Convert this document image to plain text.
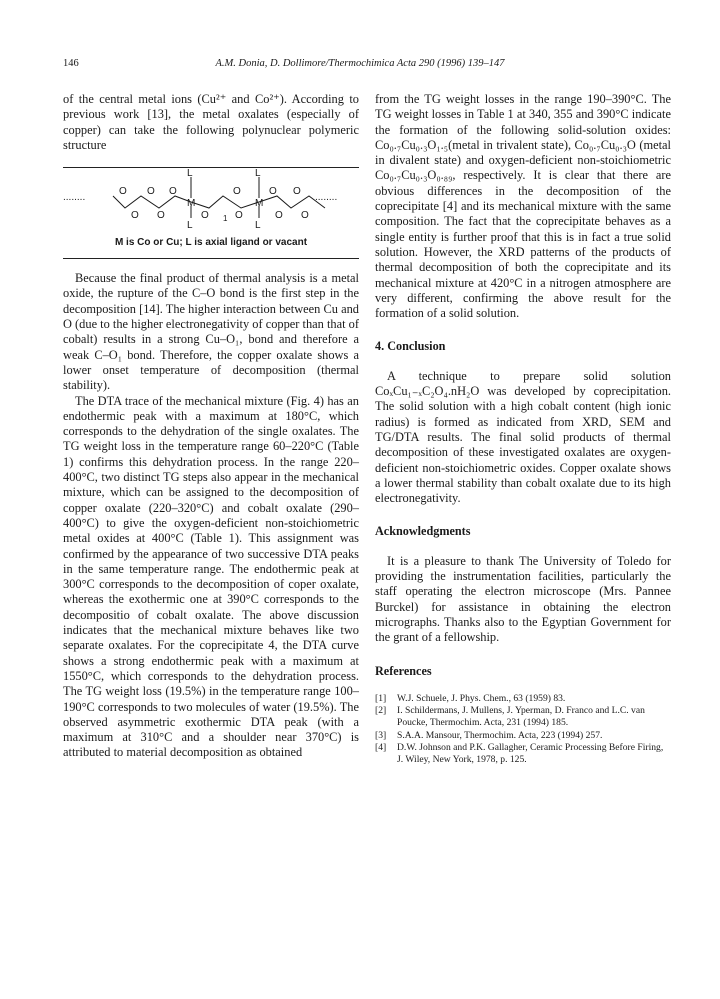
146	A.M. Donia, D. Dollimore/Thermochimica Acta 290 (1996) 139–147

of the central metal ions (Cu²⁺ and Co²⁺). According to previous work [13], the metal oxalates (especially of copper) can take the following polynuclear polymeric structure

L	L
L	L
M	M
1
........	........
O O O	O	O O
O O	O	O	O O
M is Co or Cu; L is axial ligand or vacant

Because the final product of thermal analysis is a metal oxide, the rupture of the C–O bond is the first step in the decomposition [14]. The higher interaction between Cu and O (due to the higher electronegativity of copper than that of cobalt) results in a strong Cu–O₁, bond and therefore a weak C–O₁ bond. Therefore, the copper oxalate shows a lower onset temperature of decomposition (thermal stability).

The DTA trace of the mechanical mixture (Fig. 4) has an endothermic peak with a maximum at 180°C, which corresponds to the dehydration of the single oxalates. The TG weight loss in the temperature range 60–220°C (Table 1) confirms this dehydration process. In the range 220–400°C, two distinct TG steps also appear in the mechanical mixture, which can be assigned to the decomposition of copper oxalate (220–320°C) and cobalt oxalate (290–400°C) to give the oxygen-deficient non-stoichiometric metal oxides at 400°C (Table 1). This assignment was confirmed by the appearance of two successive DTA peaks in the same temperature range. The endothermic peak at 300°C corresponds to the decomposition of coper oxalate, whereas the exothermic one at 390°C corresponds to the decompositio of cobalt oxalate. The above discussion indicates that the mechanical mixture behaves like two separate oxalates. For the coprecipitate 4, the DTA curve shows a strong endothermic peak with a maximum at 1550°C, which corresponds to the dehydration process. The TG weight loss (19.5%) in the temperature range 100–190°C corresponds to two molecules of water (19.5%). The observed asymmetric exothermic DTA peak (with a maximum at 310°C and a shoulder near 370°C) is attributed to material decomposition as obtained

from the TG weight losses in the range 190–390°C. The TG weight losses in Table 1 at 340, 355 and 390°C indicate the formation of the following solid-solution oxides: Co₀.₇Cu₀.₃O₁.₅(metal in trivalent state), Co₀.₇Cu₀.₃O (metal in divalent state) and oxygen-deficient non-stoichiometric Co₀.₇Cu₀.₃O₀.₈₉, respectively. It is clear that there are obvious differences in the decomposition of the coprecipitate [4] and its mechanical mixture with the same composition. The fact that the coprecipitate behaves as a single entity is further proof that this is in fact a true solid solution. However, the XRD patterns of the products of thermal decomposition of both the coprecipitate and its mechanical mixture at 420°C in a nitrogen atmosphere are very different, confirming the above result for the formation of a solid solution.

4. Conclusion

A technique to prepare solid solution CoₓCu₁₋ₓC₂O₄.nH₂O was developed by coprecipitation. The solid solution with a high cobalt content (high ionic radius) is formed as indicated from XRD, SEM and TG/DTA results. The final solid products of thermal decomposition of these investigated oxalates are oxygen-deficient non-stoichiometric oxides. Copper oxalate shows a lower thermal stability than cobalt oxalate due to its high electronegativity.

Acknowledgments

It is a pleasure to thank The University of Toledo for providing the instrumentation facilities, particularly the staff operating the electron microscope (Mrs. Pannee Burckel) for assistance in obtaining the electron micrographs. Thanks also to the Egyptian Government for the grant of a fellowship.

References
[1]	W.J. Schuele, J. Phys. Chem., 63 (1959) 83.
[2]	I. Schildermans, J. Mullens, J. Yperman, D. Franco and L.C. van Poucke, Thermochim. Acta, 231 (1994) 185.
[3]	S.A.A. Mansour, Thermochim. Acta, 223 (1994) 257.
[4]	D.W. Johnson and P.K. Gallagher, Ceramic Processing Before Firing, J. Wiley, New York, 1978, p. 125.
